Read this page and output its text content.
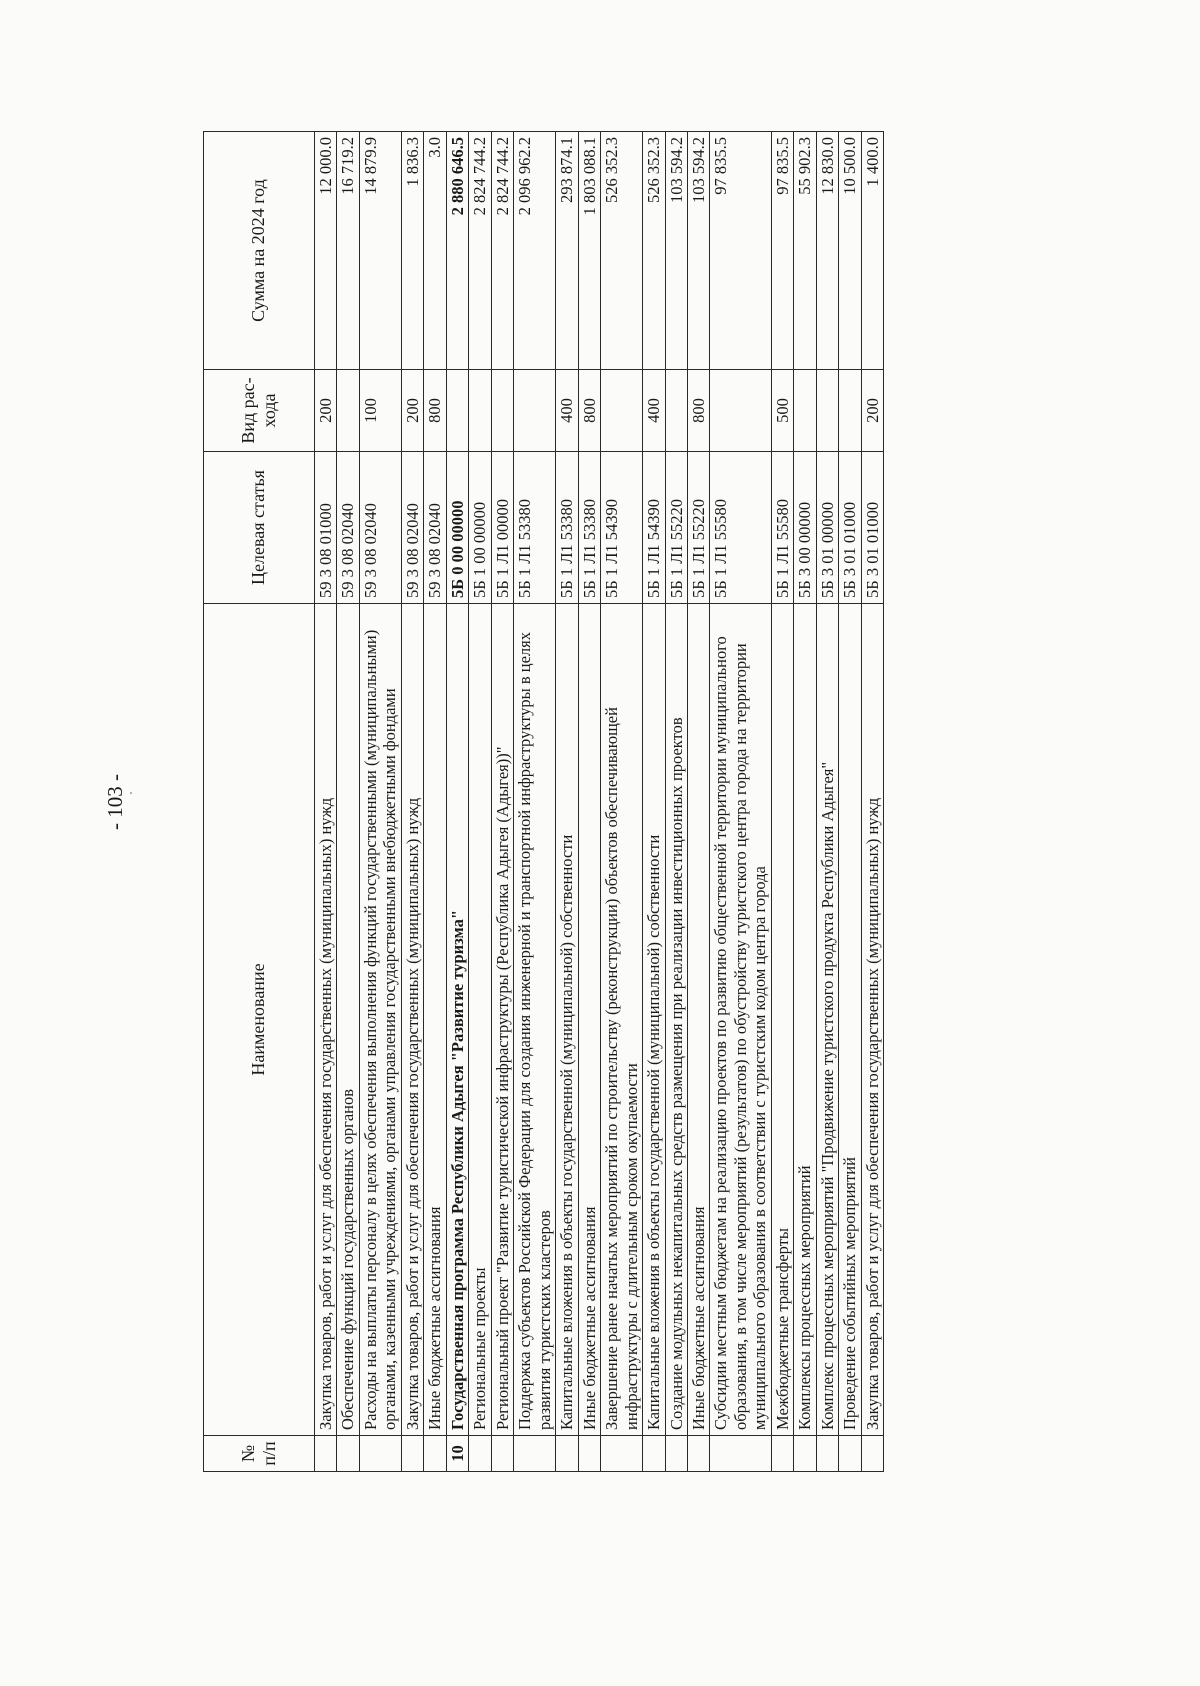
- 103 -
№ п/п	Наименование	Целевая статья	Вид рас- хода	Сумма на 2024 год
	Закупка товаров, работ и услуг для обеспечения государственных (муниципальных) нужд	59 3 08 01000	200	12 000.0
	Обеспечение функций государственных органов	59 3 08 02040		16 719.2
	Расходы на выплаты персоналу в целях обеспечения выполнения функций государственными (муниципальными) органами, казенными учреждениями, органами управления государственными внебюджетными фондами	59 3 08 02040	100	14 879.9
	Закупка товаров, работ и услуг для обеспечения государственных (муниципальных) нужд	59 3 08 02040	200	1 836.3
	Иные бюджетные ассигнования	59 3 08 02040	800	3.0
10	Государственная программа Республики Адыгея "Развитие туризма"	5Б 0 00 00000		2 880 646.5
	Региональные проекты	5Б 1 00 00000		2 824 744.2
	Региональный проект "Развитие туристической инфраструктуры (Республика Адыгея (Адыгея))"	5Б 1 Л1 00000		2 824 744.2
	Поддержка субъектов Российской Федерации для создания инженерной и транспортной инфраструктуры в целях развития туристских кластеров	5Б 1 Л1 53380		2 096 962.2
	Капитальные вложения в объекты государственной (муниципальной) собственности	5Б 1 Л1 53380	400	293 874.1
	Иные бюджетные ассигнования	5Б 1 Л1 53380	800	1 803 088.1
	Завершение ранее начатых мероприятий по строительству (реконструкции) объектов обеспечивающей инфраструктуры с длительным сроком окупаемости	5Б 1 Л1 54390		526 352.3
	Капитальные вложения в объекты государственной (муниципальной) собственности	5Б 1 Л1 54390	400	526 352.3
	Создание модульных некапитальных средств размещения при реализации инвестиционных проектов	5Б 1 Л1 55220		103 594.2
	Иные бюджетные ассигнования	5Б 1 Л1 55220	800	103 594.2
	Субсидии местным бюджетам на реализацию проектов по развитию общественной территории муниципального образования, в том числе мероприятий (результатов) по обустройству туристского центра города на территории муниципального образования в соответствии с туристским кодом центра города	5Б 1 Л1 55580		97 835.5
	Межбюджетные трансферты	5Б 1 Л1 55580	500	97 835.5
	Комплексы процессных мероприятий	5Б 3 00 00000		55 902.3
	Комплекс процессных мероприятий "Продвижение туристского продукта Республики Адыгея"	5Б 3 01 00000		12 830.0
	Проведение событийных мероприятий	5Б 3 01 01000		10 500.0
	Закупка товаров, работ и услуг для обеспечения государственных (муниципальных) нужд	5Б 3 01 01000	200	1 400.0
